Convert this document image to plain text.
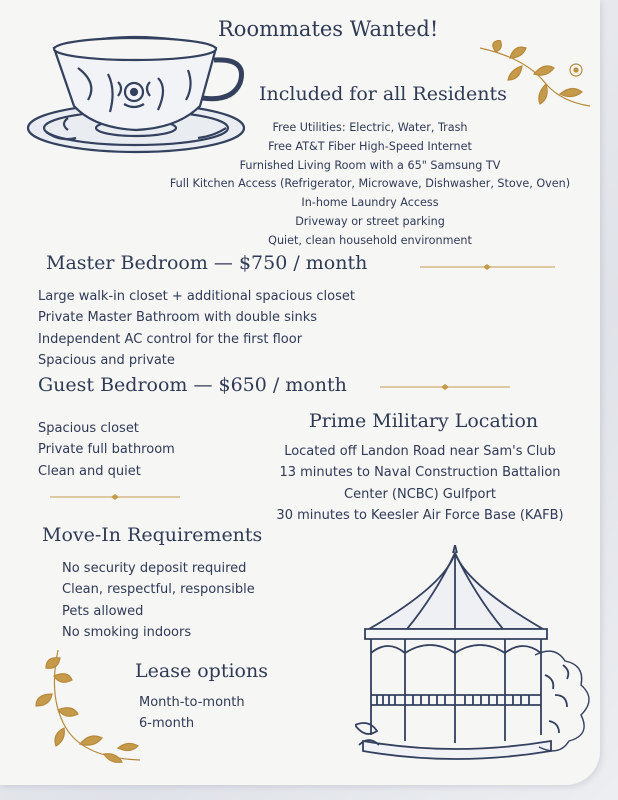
Roommates Wanted!
Included for all Residents

Free Utilities: Electric, Water, Trash

Free AT&T Fiber High-Speed Internet

Furnished Living Room with a 65" Samsung TV

Full Kitchen Access (Refrigerator, Microwave, Dishwasher, Stove, Oven)

In-home Laundry Access

Driveway or street parking

Quiet, clean household environment

Master Bedroom — $750 / month

Large walk-in closet + additional spacious closet

Private Master Bathroom with double sinks

Independent AC control for the first floor

Spacious and private

Guest Bedroom — $650 / month

Spacious closet

Private full bathroom

Clean and quiet

Prime Military Location

Located off Landon Road near Sam's Club

13 minutes to Naval Construction Battalion

Center (NCBC) Gulfport

30 minutes to Keesler Air Force Base (KAFB)

Move-In Requirements

No security deposit required

Clean, respectful, responsible

Pets allowed

No smoking indoors

Lease options

Month-to-month

6-month
